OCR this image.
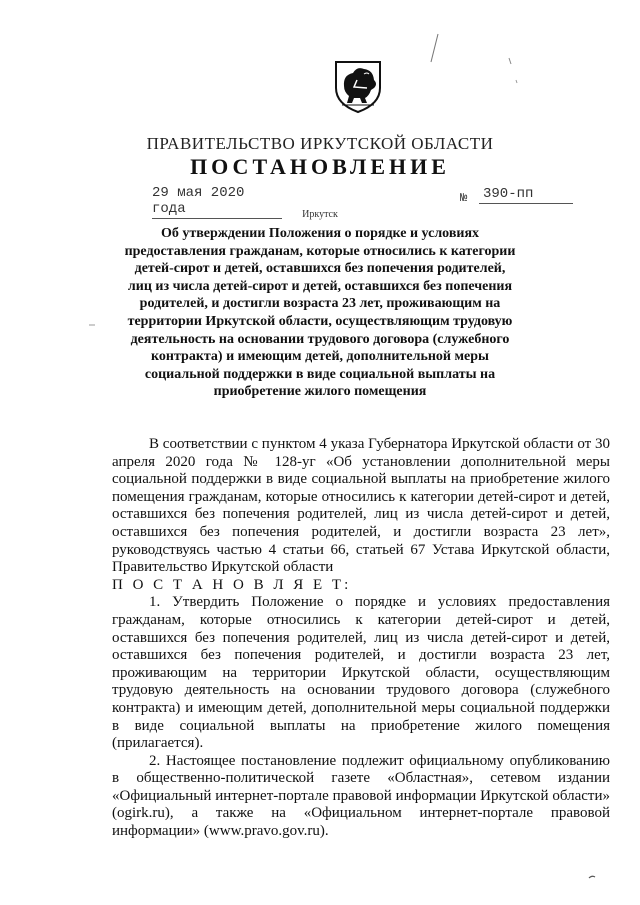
ПРАВИТЕЛЬСТВО ИРКУТСКОЙ ОБЛАСТИ
ПОСТАНОВЛЕНИЕ
29 мая 2020 года
№ 390-пп
Иркутск
Об утверждении Положения о порядке и условиях предоставления гражданам, которые относились к категории детей-сирот и детей, оставшихся без попечения родителей, лиц из числа детей-сирот и детей, оставшихся без попечения родителей, и достигли возраста 23 лет, проживающим на территории Иркутской области, осуществляющим трудовую деятельность на основании трудового договора (служебного контракта) и имеющим детей, дополнительной меры социальной поддержки в виде социальной выплаты на приобретение жилого помещения

В соответствии с пунктом 4 указа Губернатора Иркутской области от 30 апреля 2020 года № 128-уг «Об установлении дополнительной меры социальной поддержки в виде социальной выплаты на приобретение жилого помещения гражданам, которые относились к категории детей-сирот и детей, оставшихся без попечения родителей, лиц из числа детей-сирот и детей, оставшихся без попечения родителей, и достигли возраста 23 лет», руководствуясь частью 4 статьи 66, статьей 67 Устава Иркутской области, Правительство Иркутской области

П О С Т А Н О В Л Я Е Т:

1. Утвердить Положение о порядке и условиях предоставления гражданам, которые относились к категории детей-сирот и детей, оставшихся без попечения родителей, лиц из числа детей-сирот и детей, оставшихся без попечения родителей, и достигли возраста 23 лет, проживающим на территории Иркутской области, осуществляющим трудовую деятельность на основании трудового договора (служебного контракта) и имеющим детей, дополнительной меры социальной поддержки в виде социальной выплаты на приобретение жилого помещения (прилагается).

2. Настоящее постановление подлежит официальному опубликованию в общественно-политической газете «Областная», сетевом издании «Официальный интернет-портале правовой информации Иркутской области» (ogirk.ru), а также на «Официальном интернет-портале правовой информации» (www.pravo.gov.ru).
